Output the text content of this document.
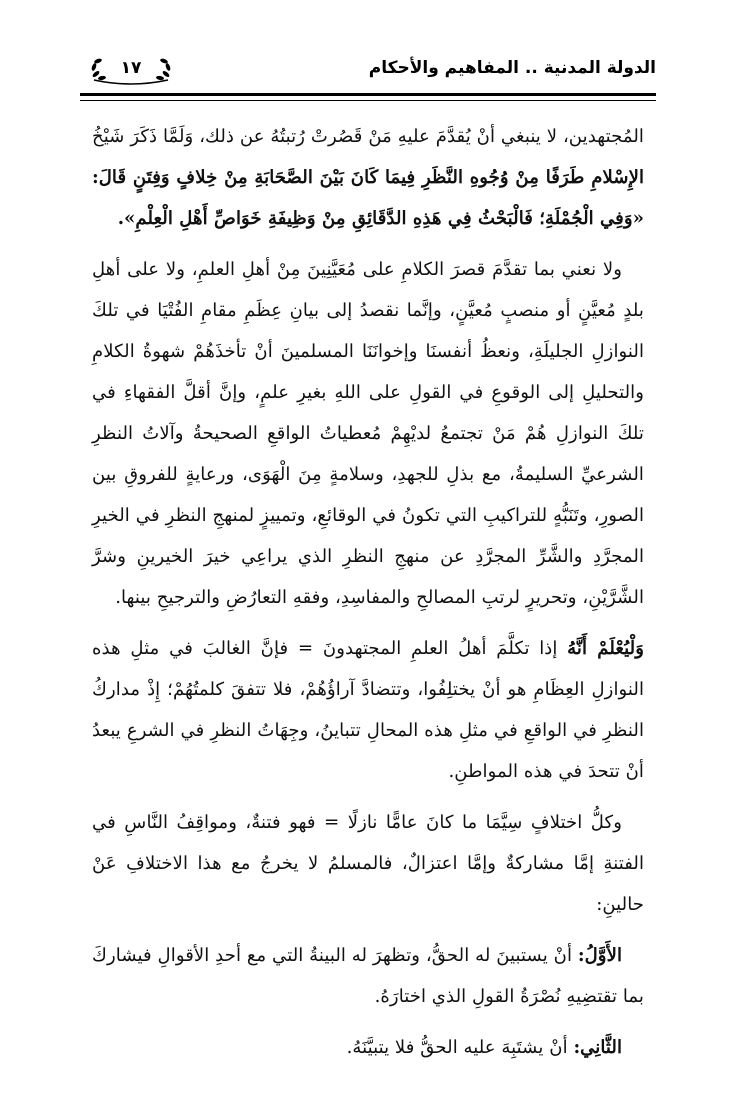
الدولة المدنية .. المفاهيم والأحكام
١٧

المُجتهدين، لا ينبغي أنْ يُقدَّمَ عليهِ مَنْ قَصُرتْ رُتبتُهُ عن ذلك، وَلَمَّا ذَكَرَ شَيْخُ الإِسْلامِ طَرَفًا مِنْ وُجُوهِ النَّظَرِ فِيمَا كَانَ بَيْنَ الصَّحَابَةِ مِنْ خِلافٍ وَفِتَنٍ قَالَ: «وَفِي الْجُمْلَةِ؛ فَالْبَحْثُ فِي هَذِهِ الدَّقَائِقِ مِنْ وَظِيفَةِ خَوَاصِّ أَهْلِ الْعِلْمِ».

ولا نعني بما تقدَّمَ قصرَ الكلامِ على مُعَيَّنِينَ مِنْ أهلِ العلمِ، ولا على أهلِ بلدٍ مُعيَّنٍ أو منصبٍ مُعيَّنٍ، وإنَّما نقصدُ إلى بيانِ عِظَمِ مقامِ الفُتْيَا في تلكَ النوازلِ الجليلَةِ، ونعظُ أنفسنَا وإخوانَنَا المسلمينَ أنْ تأخذَهُمْ شهوةُ الكلامِ والتحليلِ إلى الوقوعِ في القولِ على اللهِ بغيرِ علمٍ، وإنَّ أقلَّ الفقهاءِ في تلكَ النوازلِ هُمْ مَنْ تجتمعُ لديْهِمْ مُعطياتُ الواقعِ الصحيحةُ وآلاتُ النظرِ الشرعيِّ السليمةُ، مع بذلِ للجهدِ، وسلامةٍ مِنَ الْهَوَى، ورعايةٍ للفروقِ بين الصورِ، وتَنَبُّهٍ للتراكيبِ التي تكونُ في الوقائعِ، وتمييزٍ لمنهجِ النظرِ في الخيرِ المجرَّدِ والشَّرِّ المجرَّدِ عن منهجِ النظرِ الذي يراعِي خيرَ الخيرينِ وشرَّ الشَّرَّيْنِ، وتحريرٍ لرتبِ المصالحِ والمفاسِدِ، وفقهِ التعارُضِ والترجيحِ بينها.

وَلْيُعْلَمْ أَنَّهُ إذا تكلَّمَ أهلُ العلمِ المجتهدونَ = فإنَّ الغالبَ في مثلِ هذه النوازلِ العِظَامِ هو أنْ يختلِفُوا، وتتضادَّ آراؤُهُمْ، فلا تتفقَ كلمتُهُمْ؛ إِذْ مداركُ النظرِ في الواقعِ في مثلِ هذه المحالِ تتباينُ، وجِهَاتُ النظرِ في الشرعِ يبعدُ أنْ تتحدَ في هذه المواطنِ.

وكلُّ اختلافٍ سِيَّمَا ما كانَ عامًّا نازلًا = فهو فتنةٌ، ومواقِفُ النَّاسِ في الفتنةِ إمَّا مشاركةٌ وإمَّا اعتزالٌ، فالمسلمُ لا يخرجُ مع هذا الاختلافِ عَنْ حالينِ:

الأَوَّلُ: أنْ يستبينَ له الحقُّ، وتظهرَ له البينةُ التي مع أحدِ الأقوالِ فيشاركَ بما تقتضِيهِ نُصْرَةُ القولِ الذي اختارَهُ.

الثَّانِي: أنْ يشتَبِهَ عليه الحقُّ فلا يتبيَّنَهُ.
